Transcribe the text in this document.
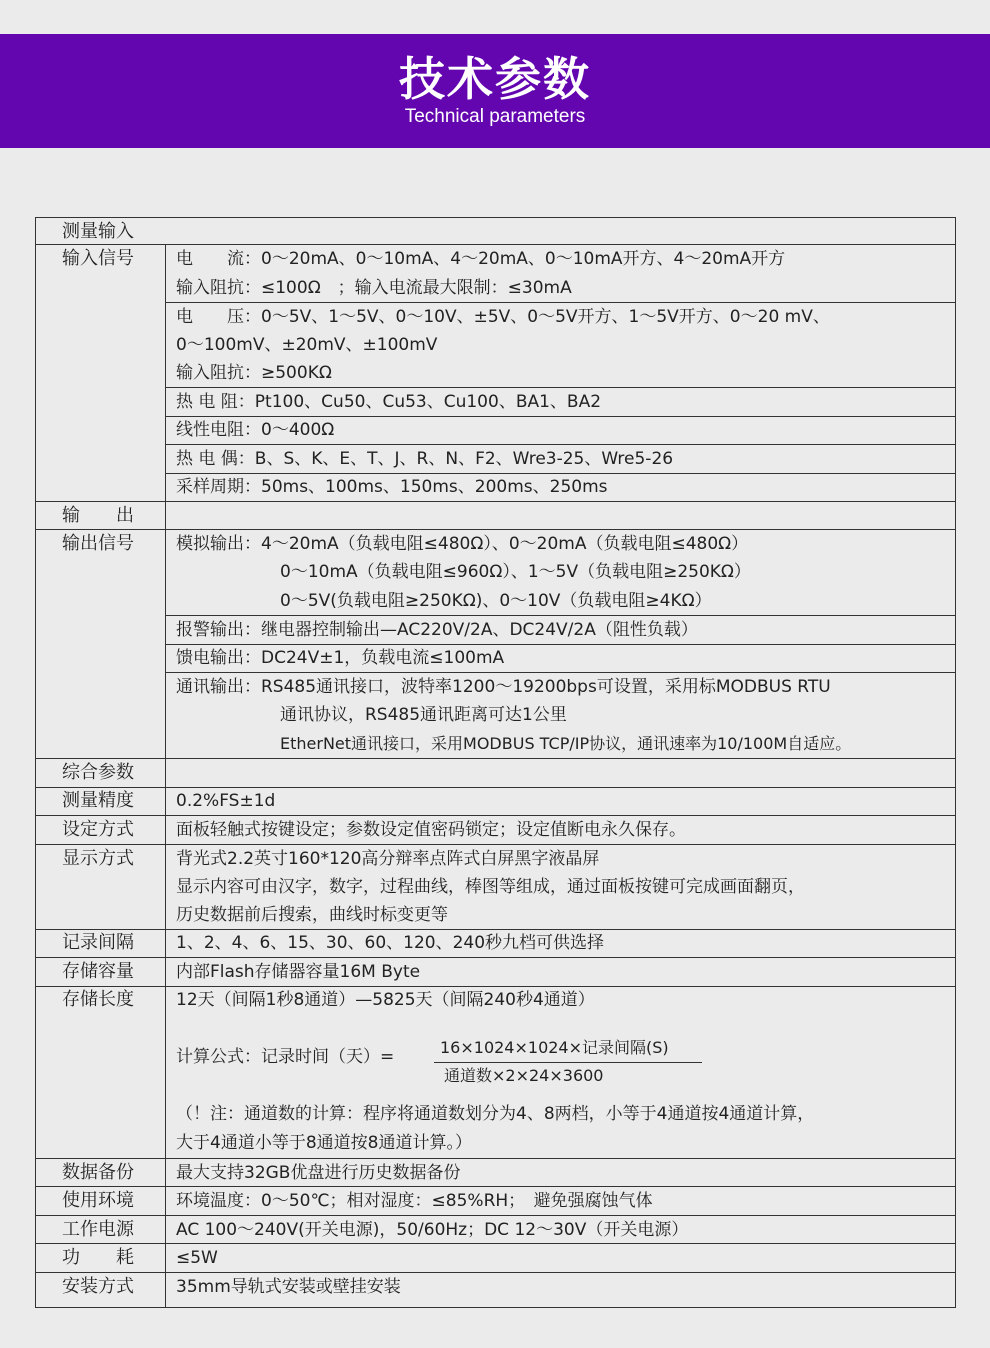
技术参数
Technical parameters
测量输入
输　　出
综合参数
输入信号 电　　流：0～20mA、0～10mA、4～20mA、0～10mA开方、4～20mA开方
输入阻抗：≤100Ω　；输入电流最大限制：≤30mA
电　　压：0～5V、1～5V、0～10V、±5V、0～5V开方、1～5V开方、0～20 mV、
0～100mV、±20mV、±100mV
输入阻抗：≥500KΩ
热 电 阻：Pt100、Cu50、Cu53、Cu100、BA1、BA2
线性电阻：0～400Ω
热 电 偶：B、S、K、E、T、J、R、N、F2、Wre3-25、Wre5-26
采样周期：50ms、100ms、150ms、200ms、250ms
输出信号 模拟输出：4～20mA（负载电阻≤480Ω）、0～20mA（负载电阻≤480Ω）
0～10mA（负载电阻≤960Ω）、1～5V（负载电阻≥250KΩ）
0～5V(负载电阻≥250KΩ)、0～10V（负载电阻≥4KΩ）
报警输出：继电器控制输出—AC220V/2A、DC24V/2A（阻性负载）
馈电输出：DC24V±1，负载电流≤100mA
通讯输出：RS485通讯接口，波特率1200～19200bps可设置，采用标MODBUS RTU
通讯协议，RS485通讯距离可达1公里
EtherNet通讯接口，采用MODBUS TCP/IP协议，通讯速率为10/100M自适应。
测量精度 0.2%FS±1d
设定方式 面板轻触式按键设定；参数设定值密码锁定；设定值断电永久保存。
显示方式 背光式2.2英寸160*120高分辩率点阵式白屏黑字液晶屏
显示内容可由汉字，数字，过程曲线，棒图等组成，通过面板按键可完成画面翻页，
历史数据前后搜索，曲线时标变更等
记录间隔 1、2、4、6、15、30、60、120、240秒九档可供选择
存储容量 内部Flash存储器容量16M Byte
存储长度 12天（间隔1秒8通道）—5825天（间隔240秒4通道）
计算公式：记录时间（天）=	16×1024×1024×记录间隔(S)
通道数×2×24×3600
（！注：通道数的计算：程序将通道数划分为4、8两档，小等于4通道按4通道计算，
大于4通道小等于8通道按8通道计算。）
数据备份 最大支持32GB优盘进行历史数据备份
使用环境 环境温度：0～50℃；相对湿度：≤85%RH；　避免强腐蚀气体
工作电源 AC 100～240V(开关电源)，50/60Hz；DC 12～30V（开关电源）
功　　耗 ≤5W
安装方式 35mm导轨式安装或壁挂安装
